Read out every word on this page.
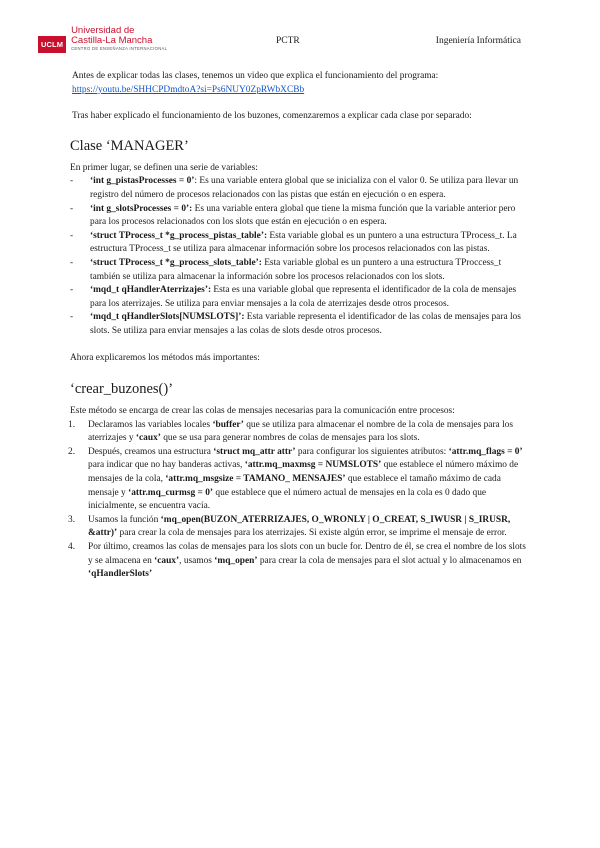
UCLM
Universidad de
Castilla-La Mancha
CENTRO DE ENSEÑANZA INTERNACIONAL
PCTR	Ingeniería Informática

Antes de explicar todas las clases, tenemos un video que explica el funcionamiento del programa:
https://youtu.be/SHHCPDmdtoA?si=Ps6NUY0ZpRWbXCBb

Tras haber explicado el funcionamiento de los buzones, comenzaremos a explicar cada clase por separado:

Clase ‘MANAGER’

En primer lugar, se definen una serie de variables:

- ‘int g_pistasProcesses = 0’: Es una variable entera global que se inicializa con el valor 0. Se utiliza para llevar un registro del número de procesos relacionados con las pistas que están en ejecución o en espera.
- ‘int g_slotsProcesses = 0’: Es una variable entera global que tiene la misma función que la variable anterior pero para los procesos relacionados con los slots que están en ejecución o en espera.
- ‘struct TProcess_t *g_process_pistas_table’: Esta variable global es un puntero a una estructura TProcess_t. La estructura TProcess_t se utiliza para almacenar información sobre los procesos relacionados con las pistas.
- ‘struct TProcess_t *g_process_slots_table’: Esta variable global es un puntero a una estructura TProccess_t también se utiliza para almacenar la información sobre los procesos relacionados con los slots.
- ‘mqd_t qHandlerAterrizajes’: Esta es una variable global que representa el identificador de la cola de mensajes para los aterrizajes. Se utiliza para enviar mensajes a la cola de aterrizajes desde otros procesos.
- ‘mqd_t qHandlerSlots[NUMSLOTS]’: Esta variable representa el identificador de las colas de mensajes para los slots. Se utiliza para enviar mensajes a las colas de slots desde otros procesos.

Ahora explicaremos los métodos más importantes:

‘crear_buzones()’

Este método se encarga de crear las colas de mensajes necesarias para la comunicación entre procesos:

1. Declaramos las variables locales ‘buffer’ que se utiliza para almacenar el nombre de la cola de mensajes para los aterrizajes y ‘caux’ que se usa para generar nombres de colas de mensajes para los slots.
2. Después, creamos una estructura ‘struct mq_attr attr’ para configurar los siguientes atributos: ‘attr.mq_flags = 0’ para indicar que no hay banderas activas, ‘attr.mq_maxmsg = NUMSLOTS’ que establece el número máximo de mensajes de la cola, ‘attr.mq_msgsize = TAMANO_ MENSAJES’ que establece el tamaño máximo de cada mensaje y ‘attr.mq_curmsg = 0’ que establece que el número actual de mensajes en la cola es 0 dado que inicialmente, se encuentra vacía.
3. Usamos la función ‘mq_open(BUZON_ATERRIZAJES, O_WRONLY | O_CREAT, S_IWUSR | S_IRUSR, &attr)’ para crear la cola de mensajes para los aterrizajes. Si existe algún error, se imprime el mensaje de error.
4. Por último, creamos las colas de mensajes para los slots con un bucle for. Dentro de él, se crea el nombre de los slots y se almacena en ‘caux’, usamos ‘mq_open’ para crear la cola de mensajes para el slot actual y lo almacenamos en ‘qHandlerSlots’
